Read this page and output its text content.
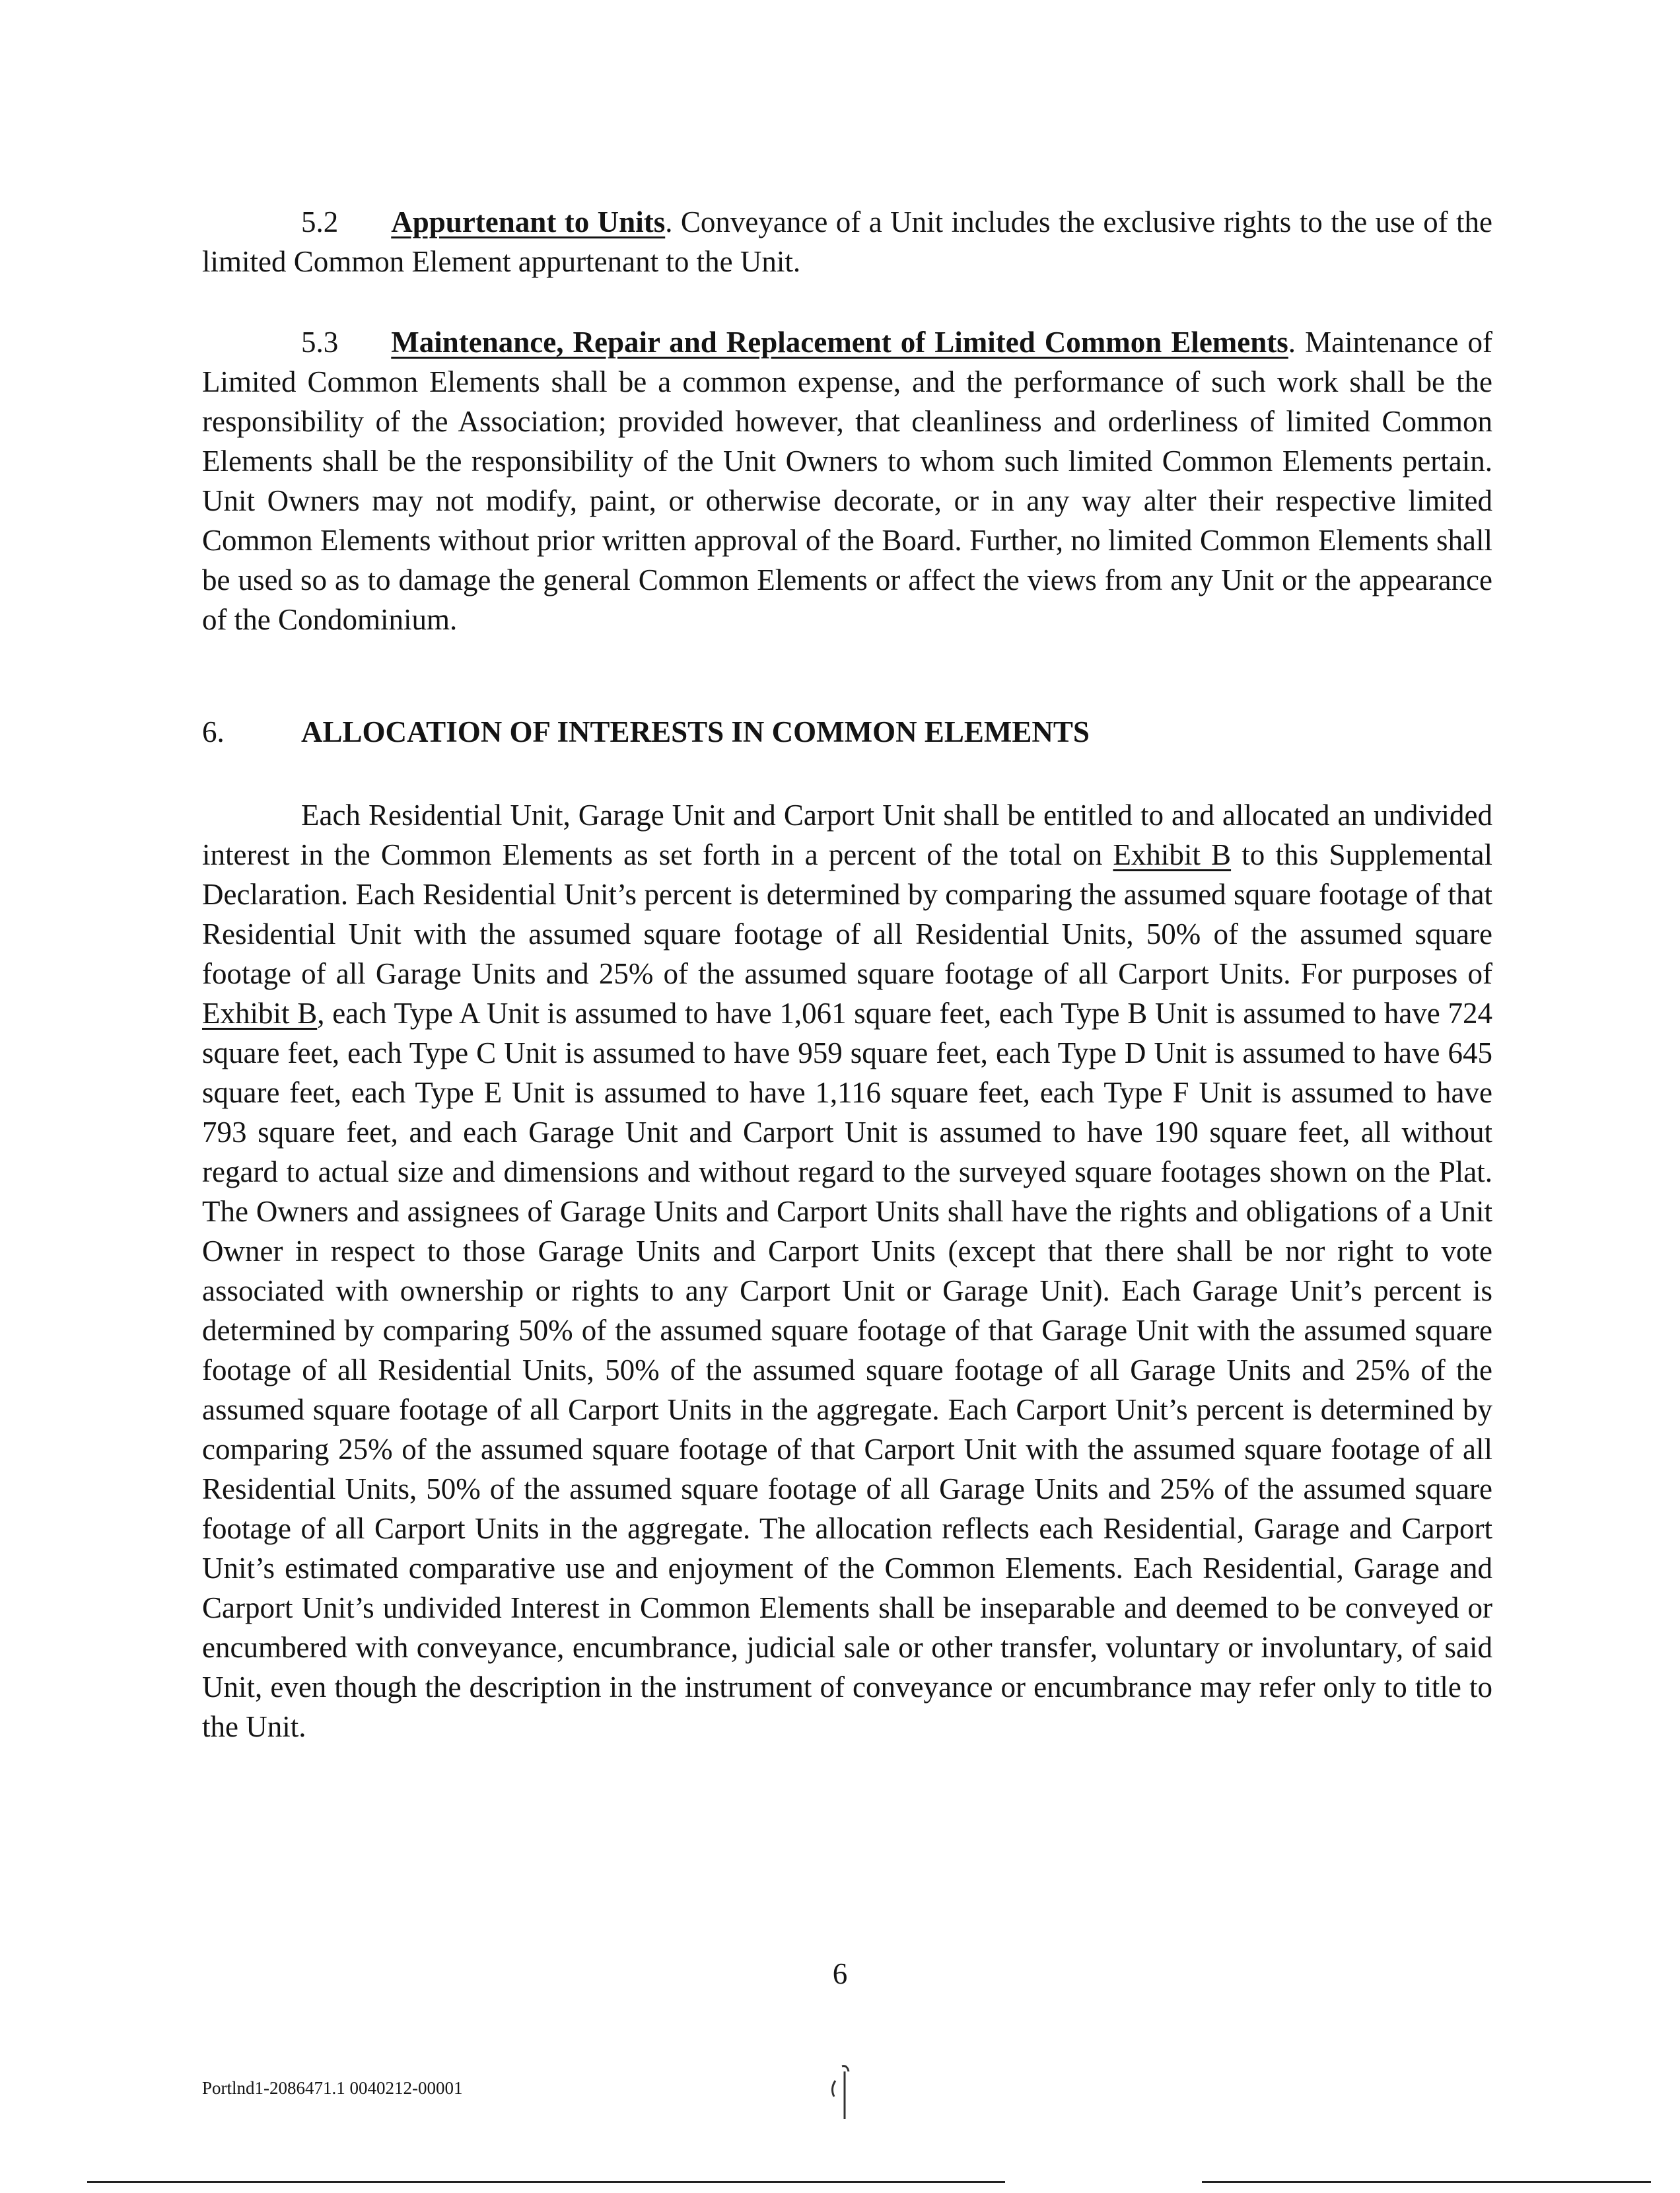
5.2 Appurtenant to Units. Conveyance of a Unit includes the exclusive rights to the use of the limited Common Element appurtenant to the Unit.
5.3 Maintenance, Repair and Replacement of Limited Common Elements. Maintenance of Limited Common Elements shall be a common expense, and the performance of such work shall be the responsibility of the Association; provided however, that cleanliness and orderliness of limited Common Elements shall be the responsibility of the Unit Owners to whom such limited Common Elements pertain. Unit Owners may not modify, paint, or otherwise decorate, or in any way alter their respective limited Common Elements without prior written approval of the Board. Further, no limited Common Elements shall be used so as to damage the general Common Elements or affect the views from any Unit or the appearance of the Condominium.
6.	ALLOCATION OF INTERESTS IN COMMON ELEMENTS
Each Residential Unit, Garage Unit and Carport Unit shall be entitled to and allocated an undivided interest in the Common Elements as set forth in a percent of the total on Exhibit B to this Supplemental Declaration. Each Residential Unit’s percent is determined by comparing the assumed square footage of that Residential Unit with the assumed square footage of all Residential Units, 50% of the assumed square footage of all Garage Units and 25% of the assumed square footage of all Carport Units. For purposes of Exhibit B, each Type A Unit is assumed to have 1,061 square feet, each Type B Unit is assumed to have 724 square feet, each Type C Unit is assumed to have 959 square feet, each Type D Unit is assumed to have 645 square feet, each Type E Unit is assumed to have 1,116 square feet, each Type F Unit is assumed to have 793 square feet, and each Garage Unit and Carport Unit is assumed to have 190 square feet, all without regard to actual size and dimensions and without regard to the surveyed square footages shown on the Plat. The Owners and assignees of Garage Units and Carport Units shall have the rights and obligations of a Unit Owner in respect to those Garage Units and Carport Units (except that there shall be nor right to vote associated with ownership or rights to any Carport Unit or Garage Unit). Each Garage Unit’s percent is determined by comparing 50% of the assumed square footage of that Garage Unit with the assumed square footage of all Residential Units, 50% of the assumed square footage of all Garage Units and 25% of the assumed square footage of all Carport Units in the aggregate. Each Carport Unit’s percent is determined by comparing 25% of the assumed square footage of that Carport Unit with the assumed square footage of all Residential Units, 50% of the assumed square footage of all Garage Units and 25% of the assumed square footage of all Carport Units in the aggregate. The allocation reflects each Residential, Garage and Carport Unit’s estimated comparative use and enjoyment of the Common Elements. Each Residential, Garage and Carport Unit’s undivided Interest in Common Elements shall be inseparable and deemed to be conveyed or encumbered with conveyance, encumbrance, judicial sale or other transfer, voluntary or involuntary, of said Unit, even though the description in the instrument of conveyance or encumbrance may refer only to title to the Unit.
6
Portlnd1-2086471.1 0040212-00001
